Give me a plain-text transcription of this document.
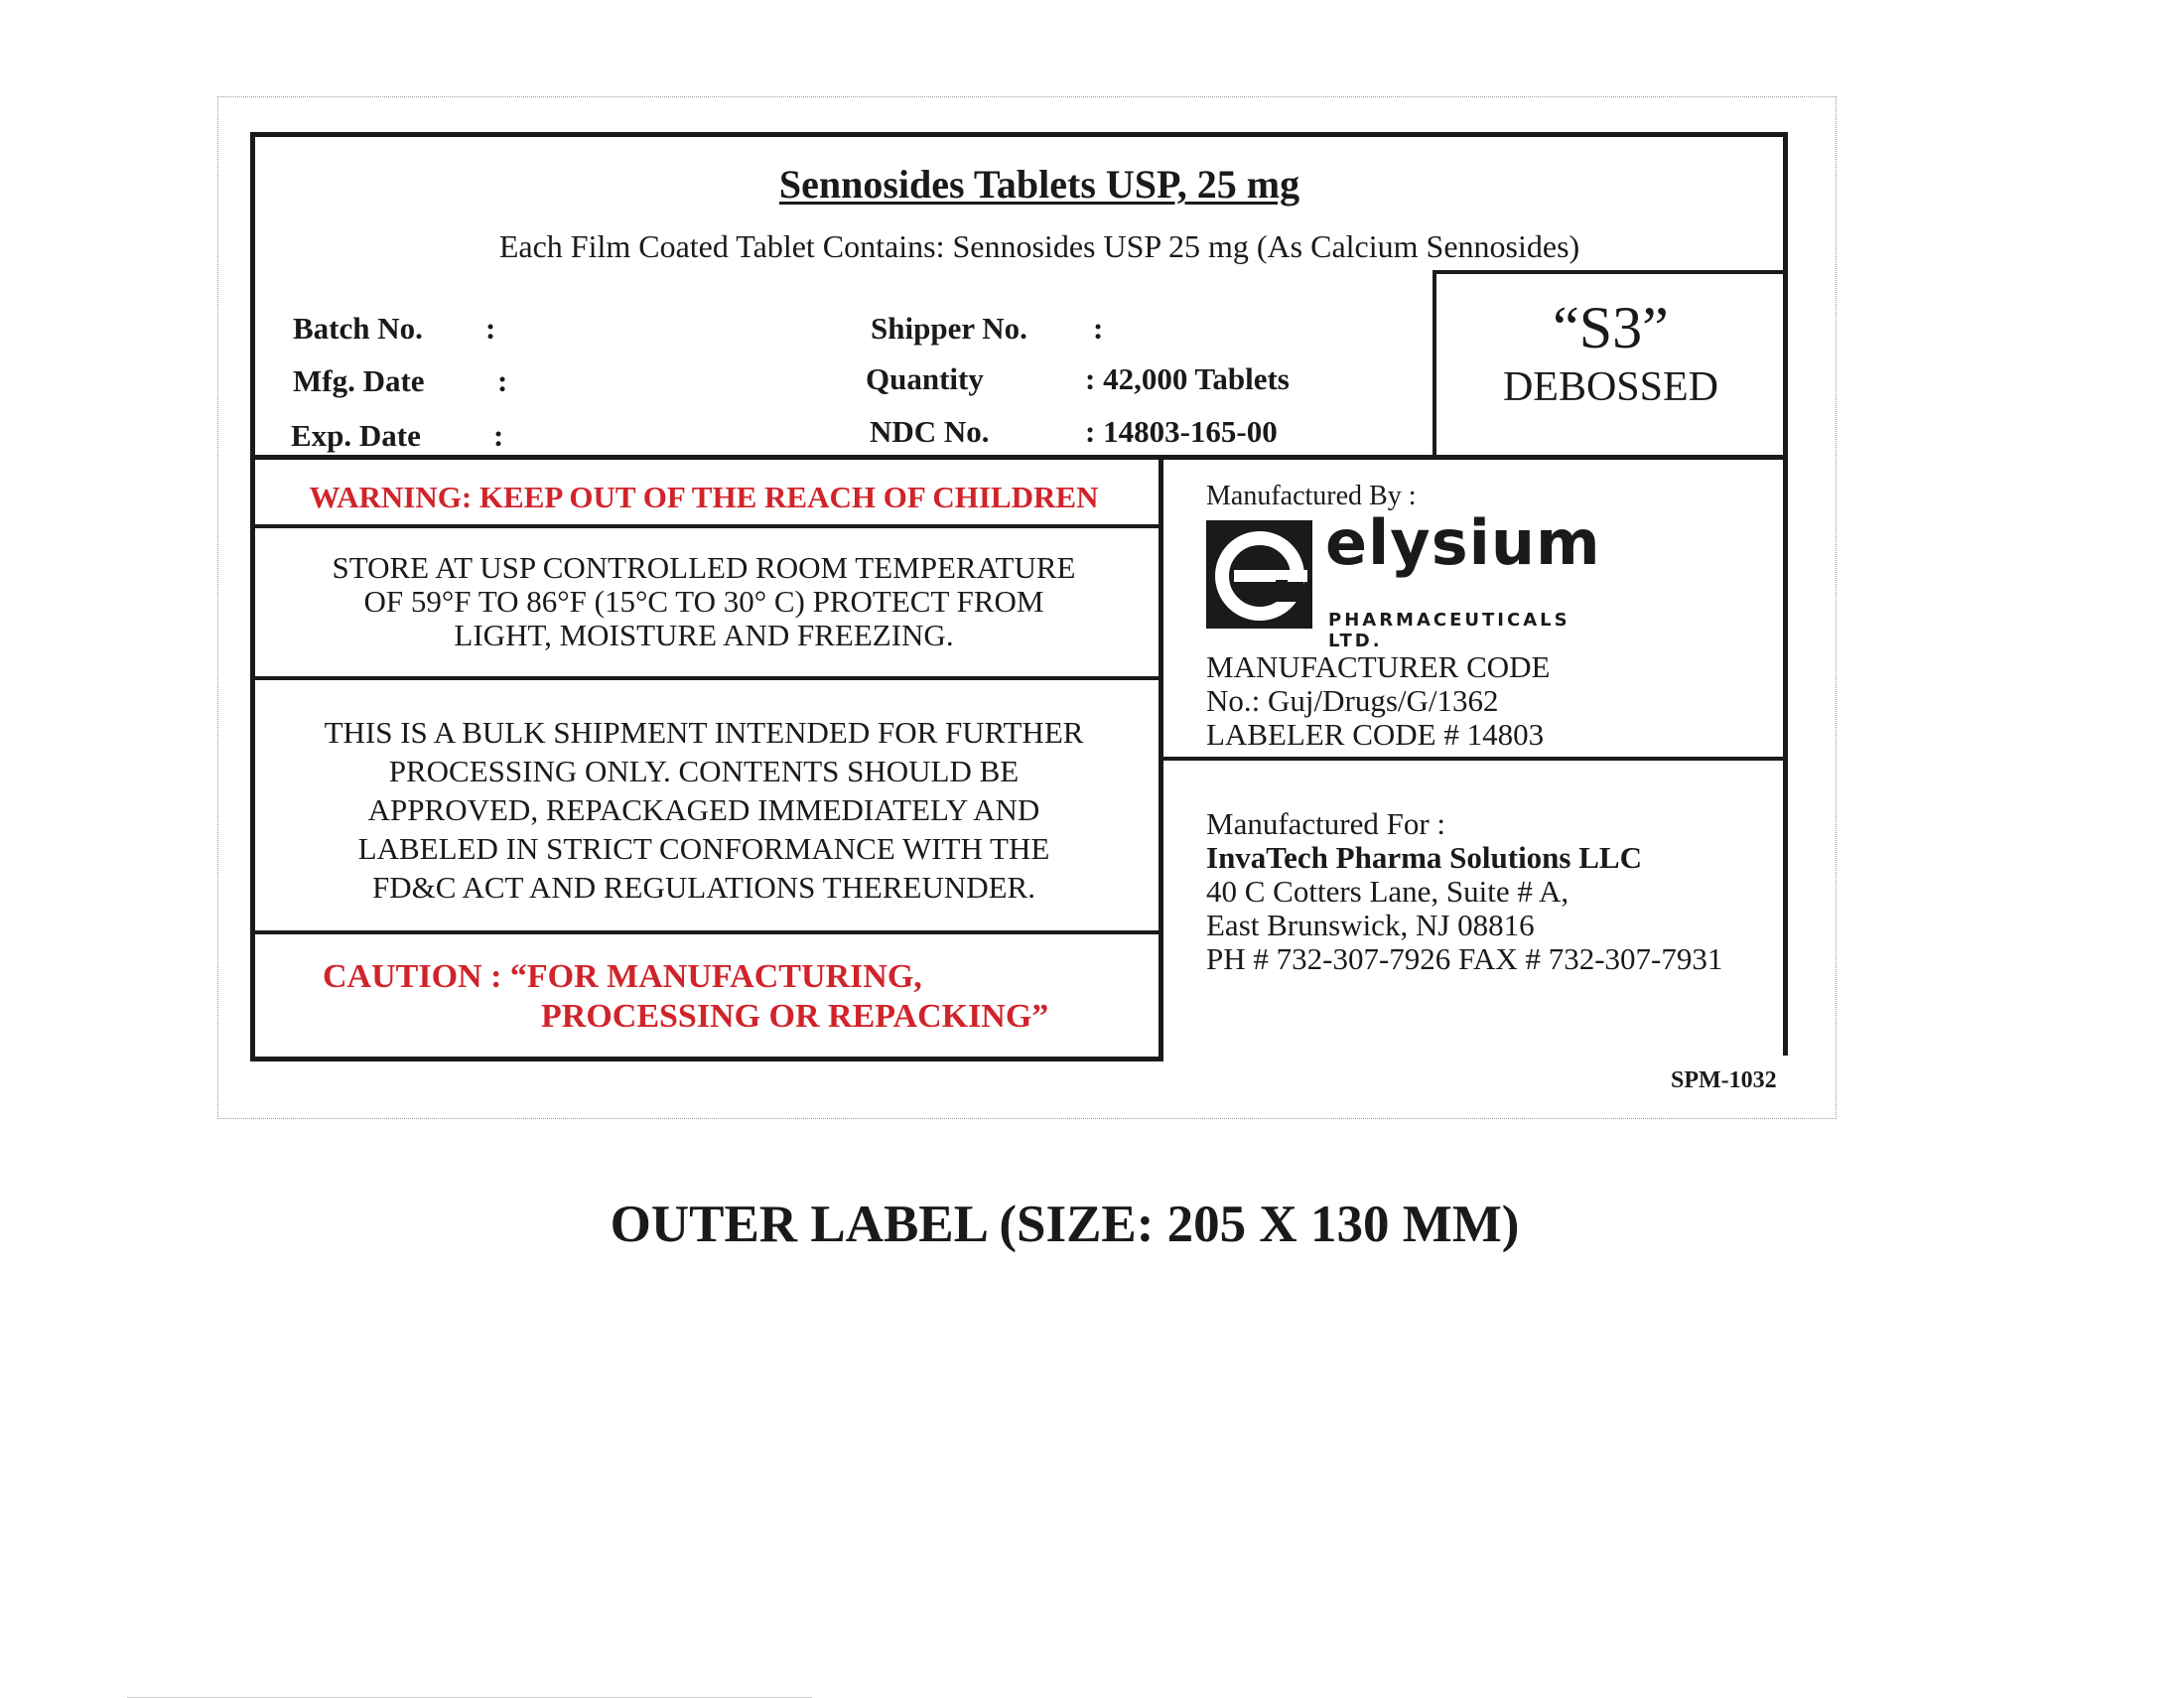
Sennosides Tablets USP, 25 mg
Each Film Coated Tablet Contains: Sennosides USP 25 mg (As Calcium Sennosides)
Batch No. :
Mfg. Date :
Exp. Date :
Shipper No. :
Quantity	: 42,000 Tablets
NDC No.	: 14803-165-00
“S3”
DEBOSSED
WARNING: KEEP OUT OF THE REACH OF CHILDREN
STORE AT USP CONTROLLED ROOM TEMPERATURE
OF 59°F TO 86°F (15°C TO 30° C) PROTECT FROM
LIGHT, MOISTURE AND FREEZING.
THIS IS A BULK SHIPMENT INTENDED FOR FURTHER
PROCESSING ONLY. CONTENTS SHOULD BE
APPROVED, REPACKAGED IMMEDIATELY AND
LABELED IN STRICT CONFORMANCE WITH THE
FD&C ACT AND REGULATIONS THEREUNDER.
CAUTION : “FOR MANUFACTURING,
PROCESSING OR REPACKING”
Manufactured By :
elysium
PHARMACEUTICALS LTD.
MANUFACTURER CODE
No.: Guj/Drugs/G/1362
LABELER CODE # 14803
Manufactured For :
InvaTech Pharma Solutions LLC
40 C Cotters Lane, Suite # A,
East Brunswick, NJ 08816
PH # 732-307-7926 FAX # 732-307-7931
SPM-1032
OUTER LABEL (SIZE: 205 X 130 MM)
